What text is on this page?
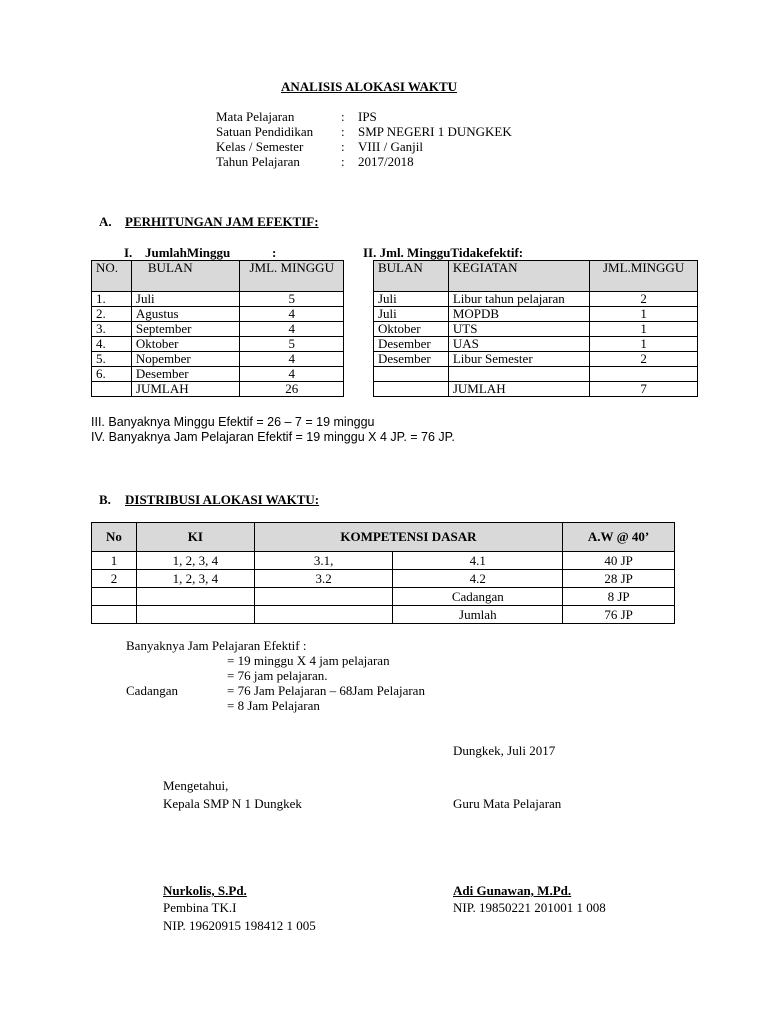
ANALISIS ALOKASI WAKTU
Mata Pelajaran	: IPS
Satuan Pendidikan : SMP NEGERI 1 DUNGKEK
Kelas / Semester	: VIII / Ganjil
Tahun Pelajaran	: 2017/2018
A. PERHITUNGAN JAM EFEKTIF:
I. JumlahMinggu	:	II. Jml. MingguTidakefektif:
NO.	BULAN	JML. MINGGU
1.	Juli	5
2.	Agustus	4
3.	September	4
4.	Oktober	5
5.	Nopember	4
6.	Desember	4
	JUMLAH	26
BULAN	KEGIATAN	JML.MINGGU
Juli	Libur tahun pelajaran	2
Juli	MOPDB	1
Oktober	UTS	1
Desember	UAS	1
Desember	Libur Semester	2

	JUMLAH	7
III. Banyaknya Minggu Efektif = 26 – 7 = 19 minggu
IV. Banyaknya Jam Pelajaran Efektif = 19 minggu X 4 JP. = 76 JP.
B. DISTRIBUSI ALOKASI WAKTU:
No	KI	KOMPETENSI DASAR		A.W @ 40’
1	1, 2, 3, 4	3.1,	4.1	40 JP
2	1, 2, 3, 4	3.2	4.2	28 JP
			Cadangan	8 JP
			Jumlah	76 JP
Banyaknya Jam Pelajaran Efektif :
= 19 minggu X 4 jam pelajaran
= 76 jam pelajaran.
Cadangan	= 76 Jam Pelajaran – 68Jam Pelajaran
= 8 Jam Pelajaran
Dungkek, Juli 2017
Mengetahui,
Kepala SMP N 1 Dungkek	Guru Mata Pelajaran
Nurkolis, S.Pd.
Pembina TK.I
NIP. 19620915 198412 1 005
Adi Gunawan, M.Pd.
NIP. 19850221 201001 1 008
